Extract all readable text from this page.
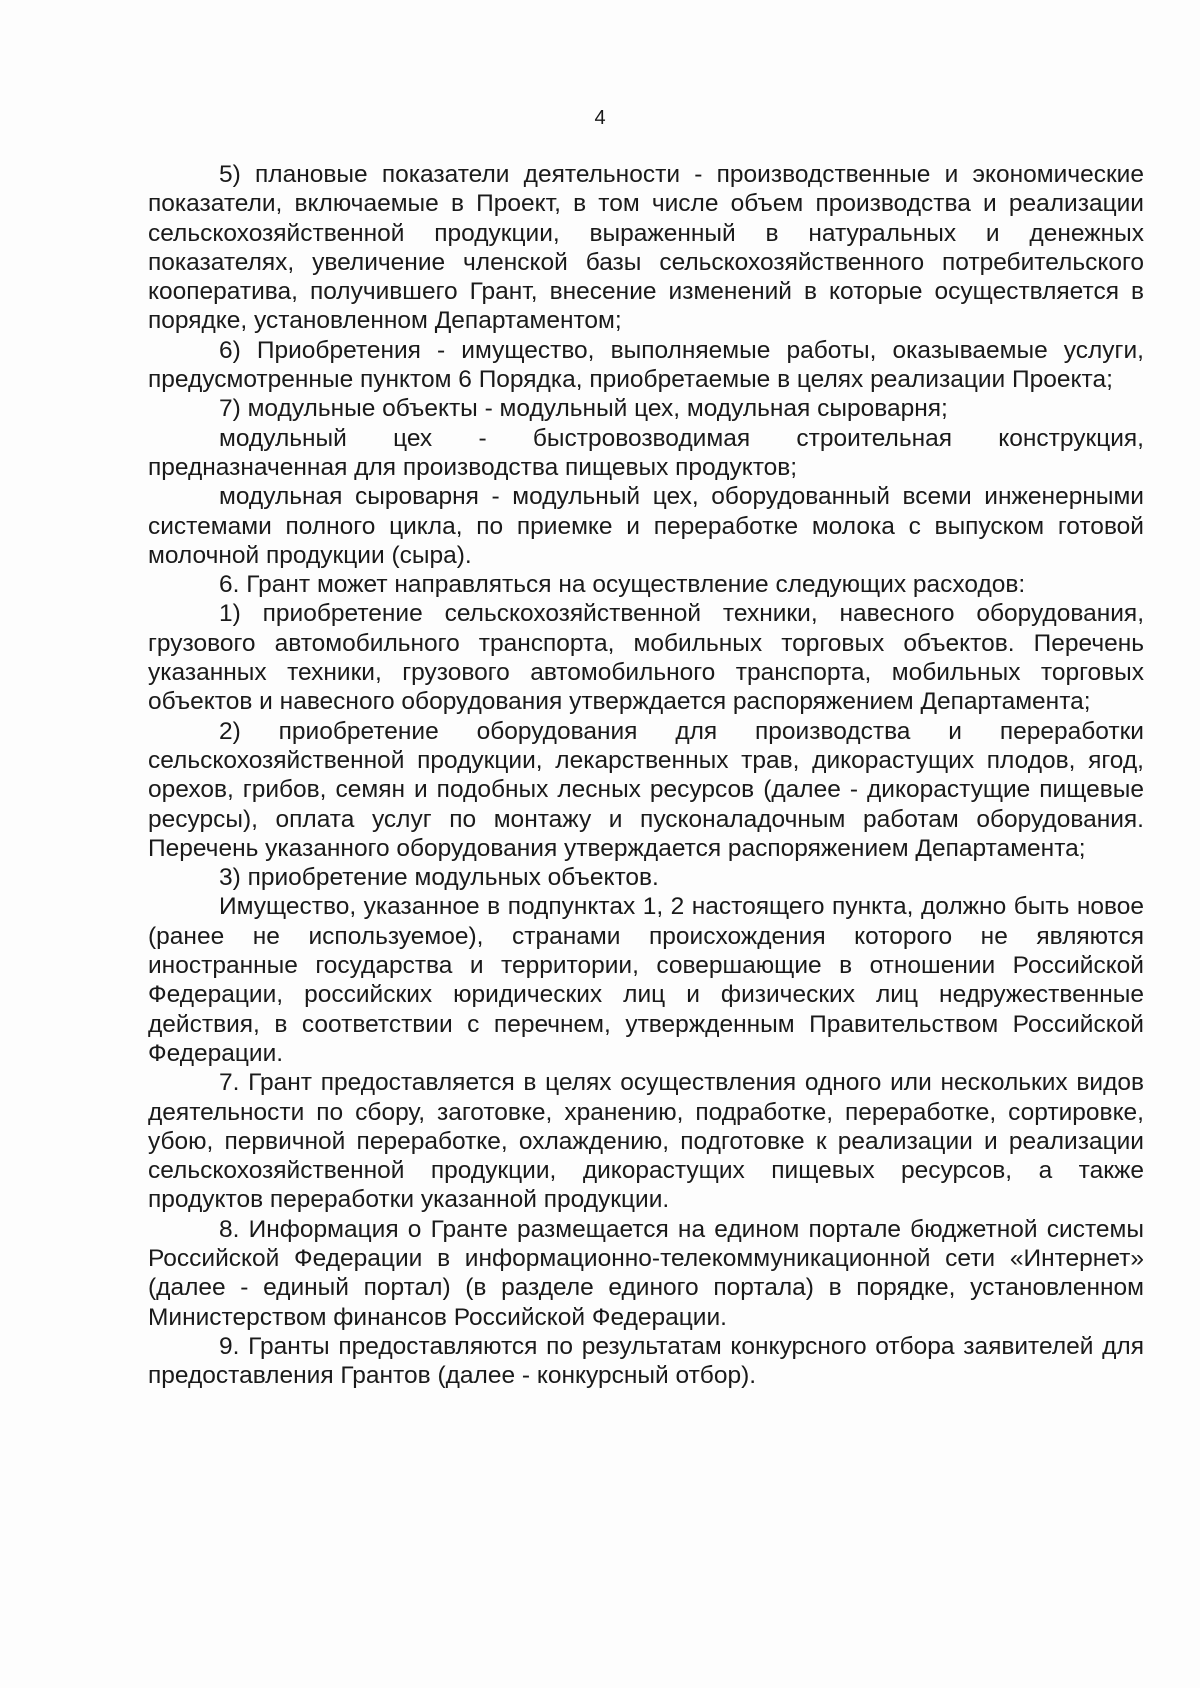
4

5) плановые показатели деятельности - производственные и экономические показатели, включаемые в Проект, в том числе объем производства и реализации сельскохозяйственной продукции, выраженный в натуральных и денежных показателях, увеличение членской базы сельскохозяйственного потребительского кооператива, получившего Грант, внесение изменений в которые осуществляется в порядке, установленном Департаментом;

6) Приобретения - имущество, выполняемые работы, оказываемые услуги, предусмотренные пунктом 6 Порядка, приобретаемые в целях реализации Проекта;

7) модульные объекты - модульный цех, модульная сыроварня;

модульный цех - быстровозводимая строительная конструкция, предназначенная для производства пищевых продуктов;

модульная сыроварня - модульный цех, оборудованный всеми инженерными системами полного цикла, по приемке и переработке молока с выпуском готовой молочной продукции (сыра).

6. Грант может направляться на осуществление следующих расходов:

1) приобретение сельскохозяйственной техники, навесного оборудования, грузового автомобильного транспорта, мобильных торговых объектов. Перечень указанных техники, грузового автомобильного транспорта, мобильных торговых объектов и навесного оборудования утверждается распоряжением Департамента;

2) приобретение оборудования для производства и переработки сельскохозяйственной продукции, лекарственных трав, дикорастущих плодов, ягод, орехов, грибов, семян и подобных лесных ресурсов (далее - дикорастущие пищевые ресурсы), оплата услуг по монтажу и пусконаладочным работам оборудования. Перечень указанного оборудования утверждается распоряжением Департамента;

3) приобретение модульных объектов.

Имущество, указанное в подпунктах 1, 2 настоящего пункта, должно быть новое (ранее не используемое), странами происхождения которого не являются иностранные государства и территории, совершающие в отношении Российской Федерации, российских юридических лиц и физических лиц недружественные действия, в соответствии с перечнем, утвержденным Правительством Российской Федерации.

7. Грант предоставляется в целях осуществления одного или нескольких видов деятельности по сбору, заготовке, хранению, подработке, переработке, сортировке, убою, первичной переработке, охлаждению, подготовке к реализации и реализации сельскохозяйственной продукции, дикорастущих пищевых ресурсов, а также продуктов переработки указанной продукции.

8. Информация о Гранте размещается на едином портале бюджетной системы Российской Федерации в информационно-телекоммуникационной сети «Интернет» (далее - единый портал) (в разделе единого портала) в порядке, установленном Министерством финансов Российской Федерации.

9. Гранты предоставляются по результатам конкурсного отбора заявителей для предоставления Грантов (далее - конкурсный отбор).
